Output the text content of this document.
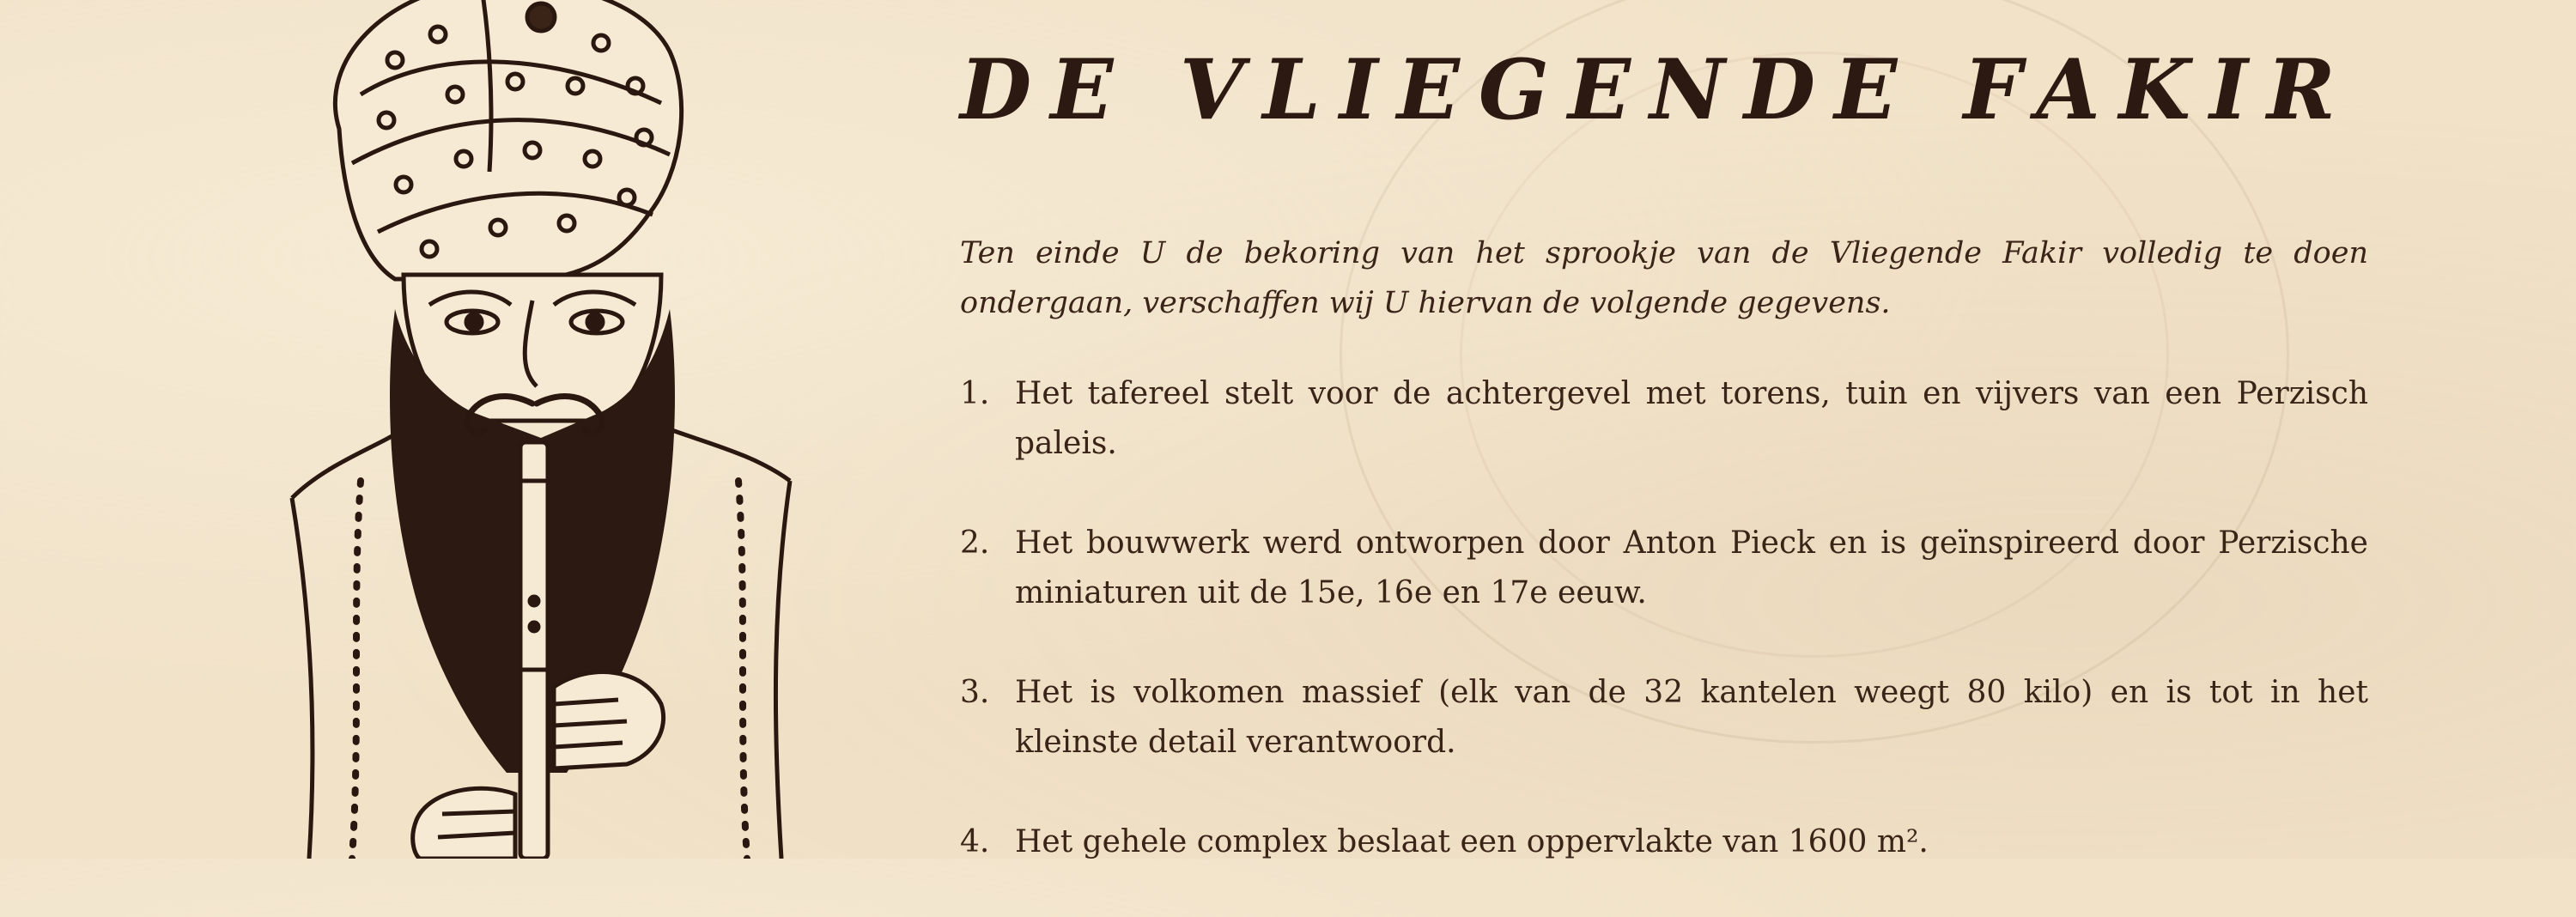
DE VLIEGENDE FAKIR

Ten einde U de bekoring van het sprookje van de Vliegende Fakir volledig te doen ondergaan, verschaffen wij U hiervan de volgende gegevens.

1. Het tafereel stelt voor de achtergevel met torens, tuin en vijvers van een Perzisch paleis.
2. Het bouwwerk werd ontworpen door Anton Pieck en is geïnspireerd door Perzische miniaturen uit de 15e, 16e en 17e eeuw.
3. Het is volkomen massief (elk van de 32 kantelen weegt 80 kilo) en is tot in het kleinste detail verantwoord.
4. Het gehele complex beslaat een oppervlakte van 1600 m².
